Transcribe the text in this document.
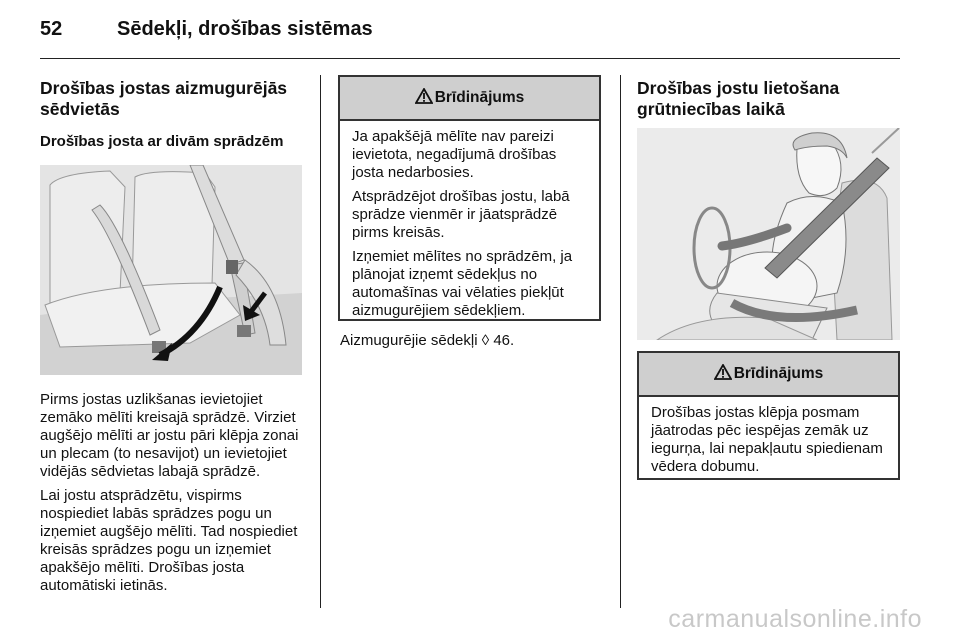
52	Sēdekļi, drošības sistēmas

Drošības jostas aizmugurējās sēdvietās

Drošības josta ar divām sprādzēm

Pirms jostas uzlikšanas ievietojiet zemāko mēlīti kreisajā sprādzē. Virziet augšējo mēlīti ar jostu pāri klēpja zonai un plecam (to nesavijot) un ievietojiet vidējās sēdvietas labajā sprādzē.

Lai jostu atsprādzētu, vispirms nospiediet labās sprādzes pogu un izņemiet augšējo mēlīti. Tad nospiediet kreisās sprādzes pogu un izņemiet apakšējo mēlīti. Drošības josta automātiski ietinās.

Brīdinājums

Ja apakšējā mēlīte nav pareizi ievietota, negadījumā drošības josta nedarbosies.

Atsprādzējot drošības jostu, labā sprādze vienmēr ir jāatsprādzē pirms kreisās.

Izņemiet mēlītes no sprādzēm, ja plānojat izņemt sēdekļus no automašīnas vai vēlaties piekļūt aizmugurējiem sēdekļiem.

Aizmugurējie sēdekļi ◊ 46.

Drošības jostu lietošana grūtniecības laikā

Brīdinājums

Drošības jostas klēpja posmam jāatrodas pēc iespējas zemāk uz iegurņa, lai nepakļautu spiedienam vēdera dobumu.

carmanualsonline.info
